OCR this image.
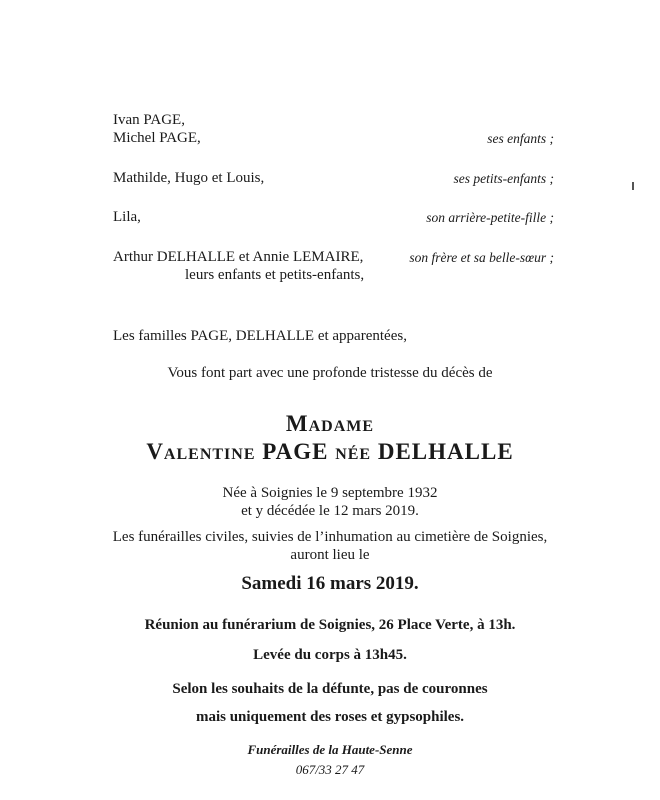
Ivan PAGE,
Michel PAGE,	ses enfants ;
Mathilde, Hugo et Louis,	ses petits-enfants ;
Lila,	son arrière-petite-fille ;
Arthur DELHALLE et Annie LEMAIRE,	son frère et sa belle-sœur ;
leurs enfants et petits-enfants,
Les familles PAGE, DELHALLE et apparentées,
Vous font part avec une profonde tristesse du décès de
Madame
Valentine PAGE née DELHALLE
Née à Soignies le 9 septembre 1932
et y décédée le 12 mars 2019.
Les funérailles civiles, suivies de l’inhumation au cimetière de Soignies,
auront lieu le
Samedi 16 mars 2019.
Réunion au funérarium de Soignies, 26 Place Verte, à 13h.
Levée du corps à 13h45.
Selon les souhaits de la défunte, pas de couronnes
mais uniquement des roses et gypsophiles.
Funérailles de la Haute-Senne
067/33 27 47
